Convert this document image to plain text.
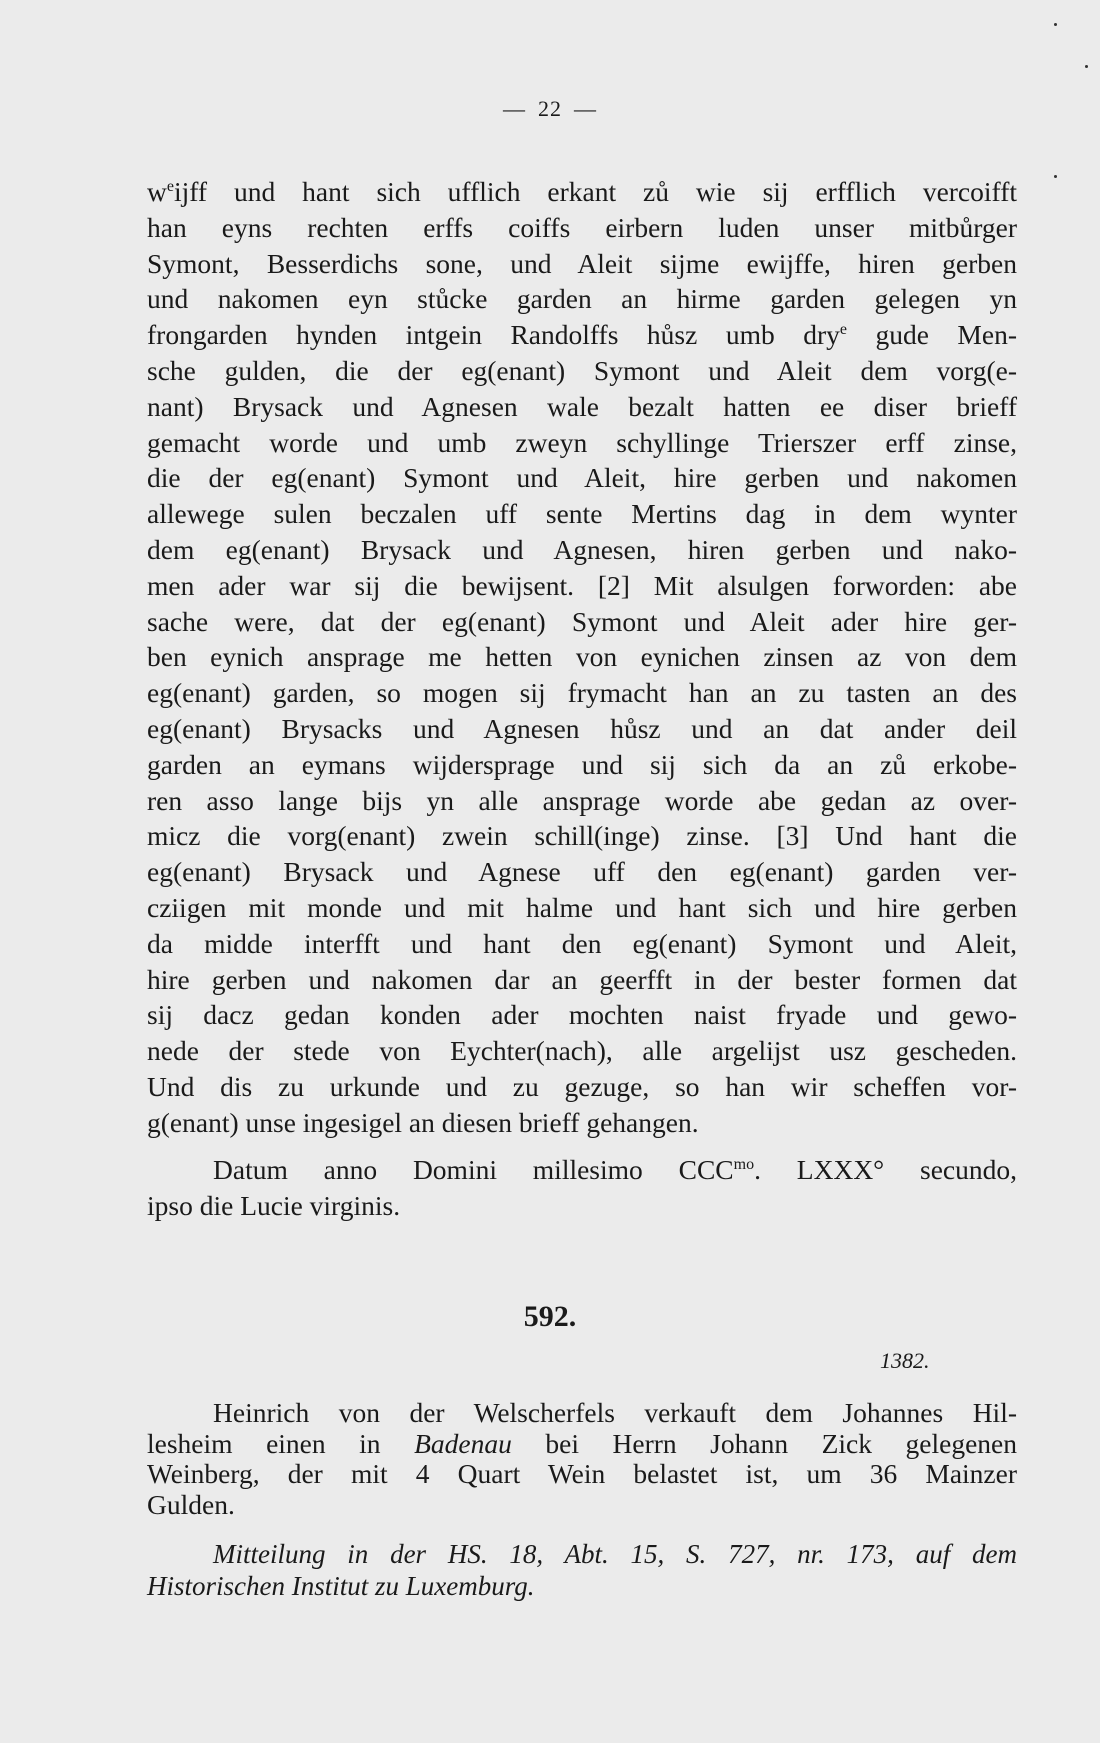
— 22 —
$w^eijff$ und hant sich ufflich erkant zů wie sij erfflich vercoifft
han eyns rechten erffs coiffs eirbern luden unser mitbůrger
Symont, Besserdichs sone, und Aleit sijme ewijffe, hiren gerben
und nakomen eyn stůcke garden an hirme garden gelegen yn
frongarden hynden intgein Randolffs hůsz umb dry$^e$ gude Men-
sche gulden, die der eg(enant) Symont und Aleit dem vorg(e-
nant) Brysack und Agnesen wale bezalt hatten ee diser brieff
gemacht worde und umb zweyn schyllinge Trierszer erff zinse,
die der eg(enant) Symont und Aleit, hire gerben und nakomen
allewege sulen beczalen uff sente Mertins dag in dem wynter
dem eg(enant) Brysack und Agnesen, hiren gerben und nako-
men ader war sij die bewijsent. [2] Mit alsulgen forworden: abe
sache were, dat der eg(enant) Symont und Aleit ader hire ger-
ben eynich ansprage me hetten von eynichen zinsen az von dem
eg(enant) garden, so mogen sij frymacht han an zu tasten an des
eg(enant) Brysacks und Agnesen hůsz und an dat ander deil
garden an eymans wijdersprage und sij sich da an zů erkobe-
ren asso lange bijs yn alle ansprage worde abe gedan az over-
micz die vorg(enant) zwein schill(inge) zinse. [3] Und hant die
eg(enant) Brysack und Agnese uff den eg(enant) garden ver-
cziigen mit monde und mit halme und hant sich und hire gerben
da midde interfft und hant den eg(enant) Symont und Aleit,
hire gerben und nakomen dar an geerfft in der bester formen dat
sij dacz gedan konden ader mochten naist fryade und gewo-
nede der stede von Eychter(nach), alle argelijst usz gescheden.
Und dis zu urkunde und zu gezuge, so han wir scheffen vor-
g(enant) unse ingesigel an diesen brieff gehangen.
Datum anno Domini millesimo $CCC^{mo}$. LXXX° secundo,
ipso die Lucie virginis.
592.
1382.
Heinrich von der Welscherfels verkauft dem Johannes Hil-
lesheim einen in Badenau bei Herrn Johann Zick gelegenen
Weinberg, der mit 4 Quart Wein belastet ist, um 36 Mainzer
Gulden.
Mitteilung in der HS. 18, Abt. 15, S. 727, nr. 173, auf dem
Historischen Institut zu Luxemburg.
